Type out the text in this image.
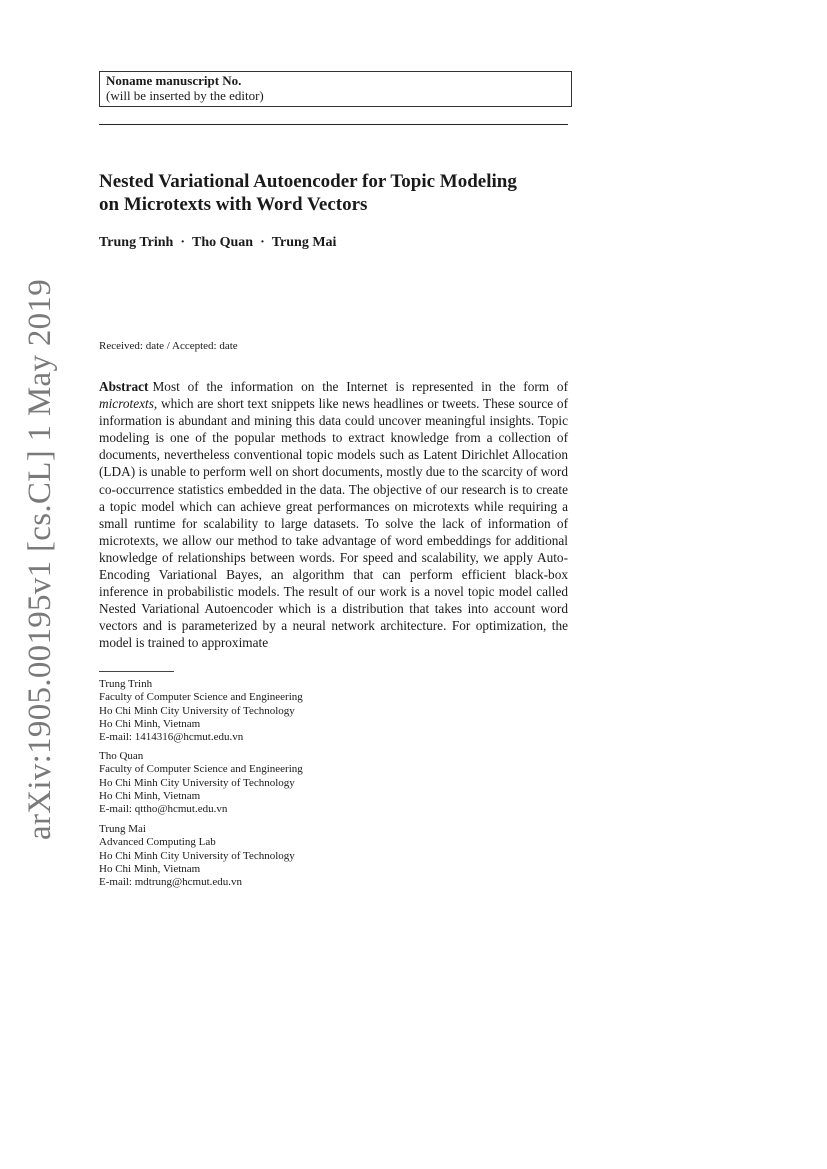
arXiv:1905.00195v1 [cs.CL] 1 May 2019
Noname manuscript No.
(will be inserted by the editor)
Nested Variational Autoencoder for Topic Modeling
on Microtexts with Word Vectors
Trung Trinh · Tho Quan · Trung Mai
Received: date / Accepted: date
Abstract Most of the information on the Internet is represented in the form of microtexts, which are short text snippets like news headlines or tweets. These source of information is abundant and mining this data could uncover meaningful insights. Topic modeling is one of the popular methods to extract knowledge from a collection of documents, nevertheless conventional topic models such as Latent Dirichlet Allocation (LDA) is unable to perform well on short documents, mostly due to the scarcity of word co-occurrence statistics embedded in the data. The objective of our research is to create a topic model which can achieve great performances on microtexts while requiring a small runtime for scalability to large datasets. To solve the lack of information of microtexts, we allow our method to take advantage of word embeddings for additional knowledge of relationships between words. For speed and scalability, we apply Auto-Encoding Variational Bayes, an algorithm that can perform efficient black-box inference in probabilistic models. The result of our work is a novel topic model called Nested Variational Autoencoder which is a distribution that takes into account word vectors and is parameterized by a neural network architecture. For optimization, the model is trained to approximate
Trung Trinh
Faculty of Computer Science and Engineering
Ho Chi Minh City University of Technology
Ho Chi Minh, Vietnam
E-mail: 1414316@hcmut.edu.vn
Tho Quan
Faculty of Computer Science and Engineering
Ho Chi Minh City University of Technology
Ho Chi Minh, Vietnam
E-mail: qttho@hcmut.edu.vn
Trung Mai
Advanced Computing Lab
Ho Chi Minh City University of Technology
Ho Chi Minh, Vietnam
E-mail: mdtrung@hcmut.edu.vn
